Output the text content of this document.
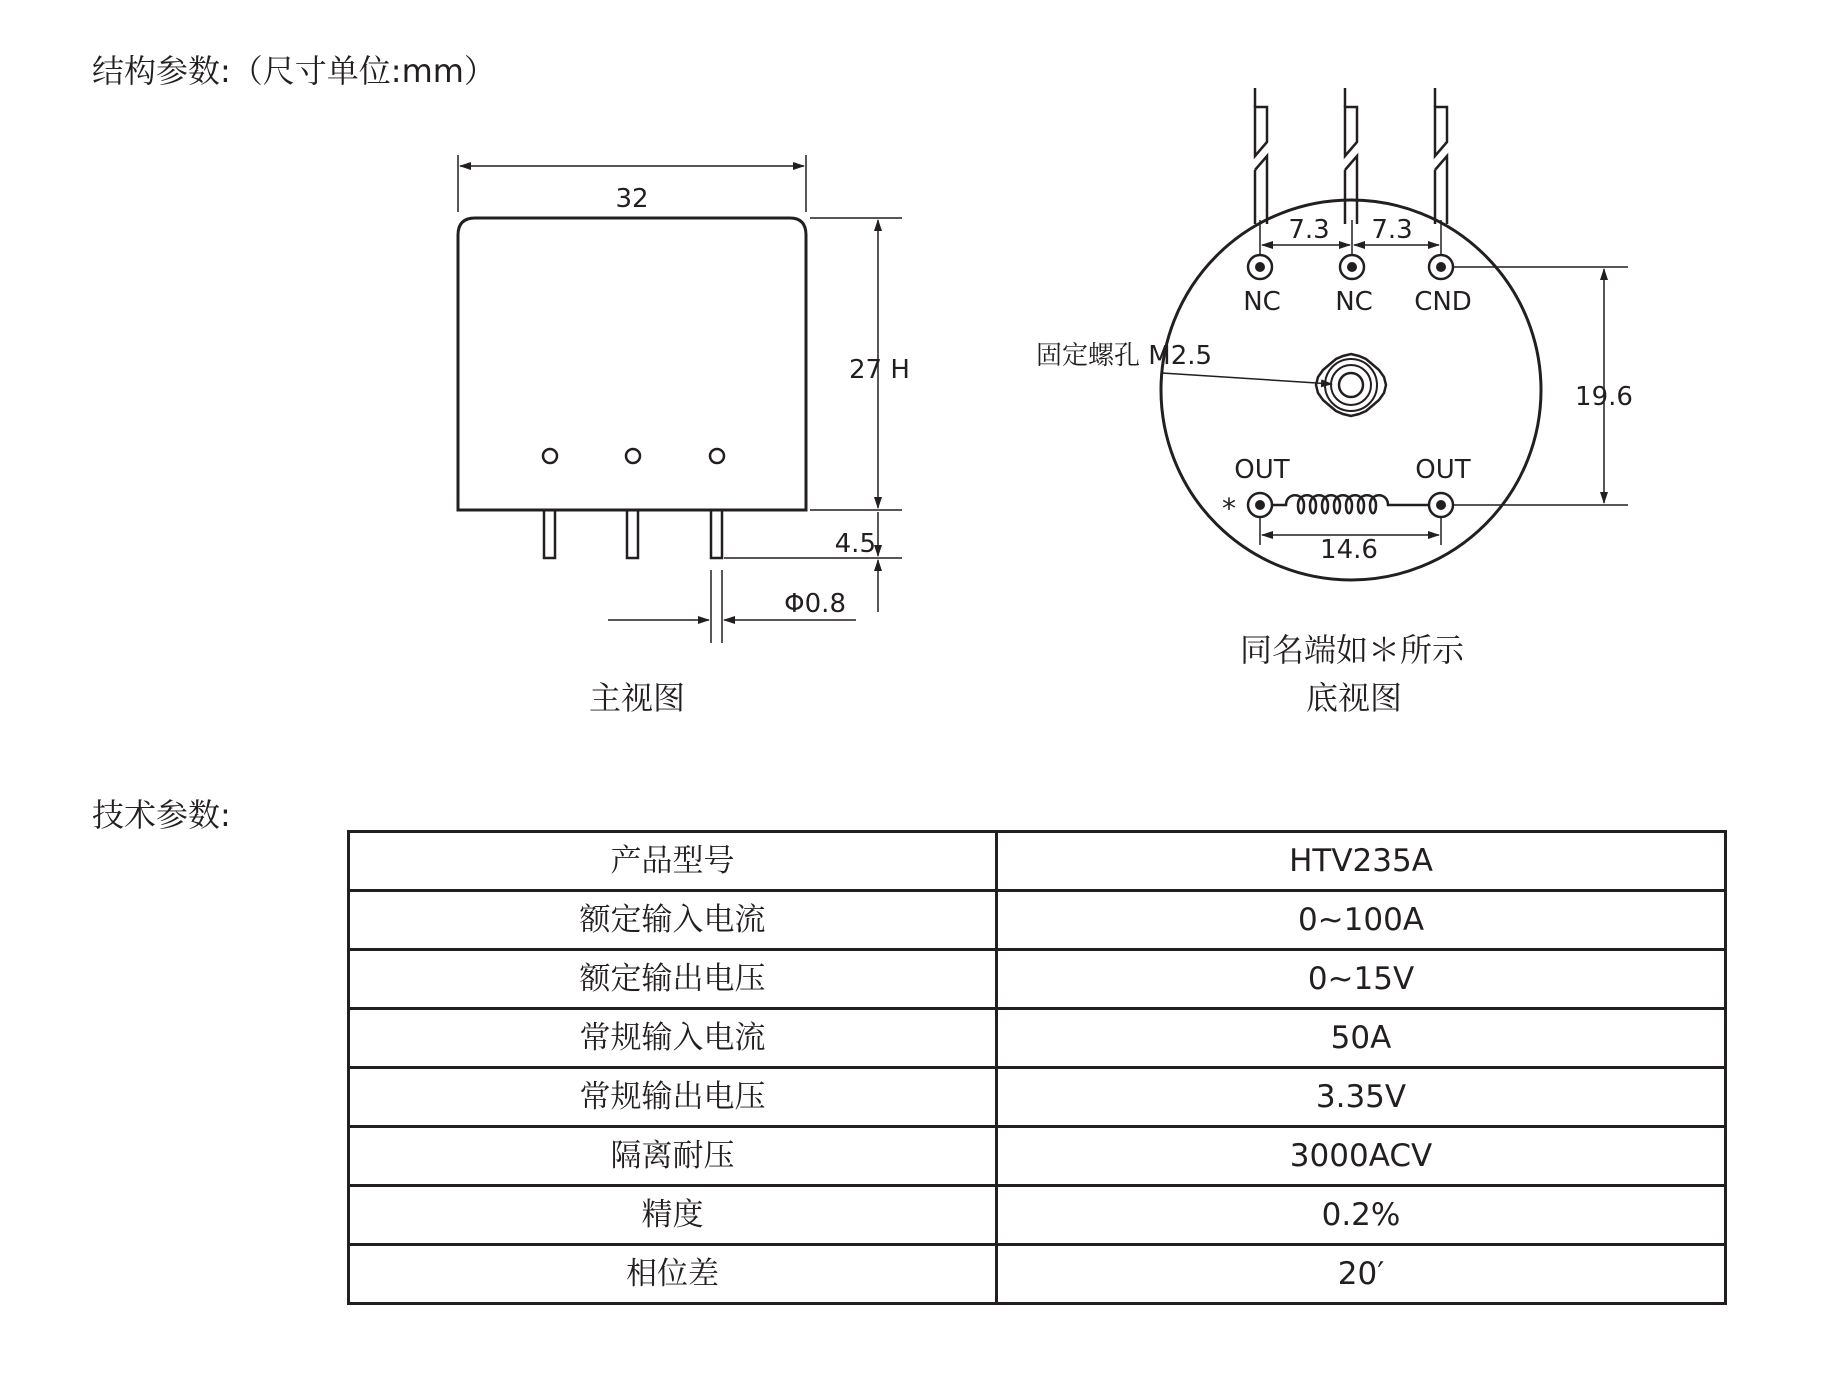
结构参数:（尺寸单位:mm）
32
27 H
4.5
Φ0.8
主视图
7.3 7.3
NC NC CND
固定螺孔 M2.5
OUT	OUT
*
19.6
14.6
同名端如＊所示
底视图
技术参数:
产品型号	HTV235A
额定输入电流	0~100A
额定输出电压	0~15V
常规输入电流	50A
常规输出电压	3.35V
隔离耐压	3000ACV
精度	0.2%
相位差	20′
